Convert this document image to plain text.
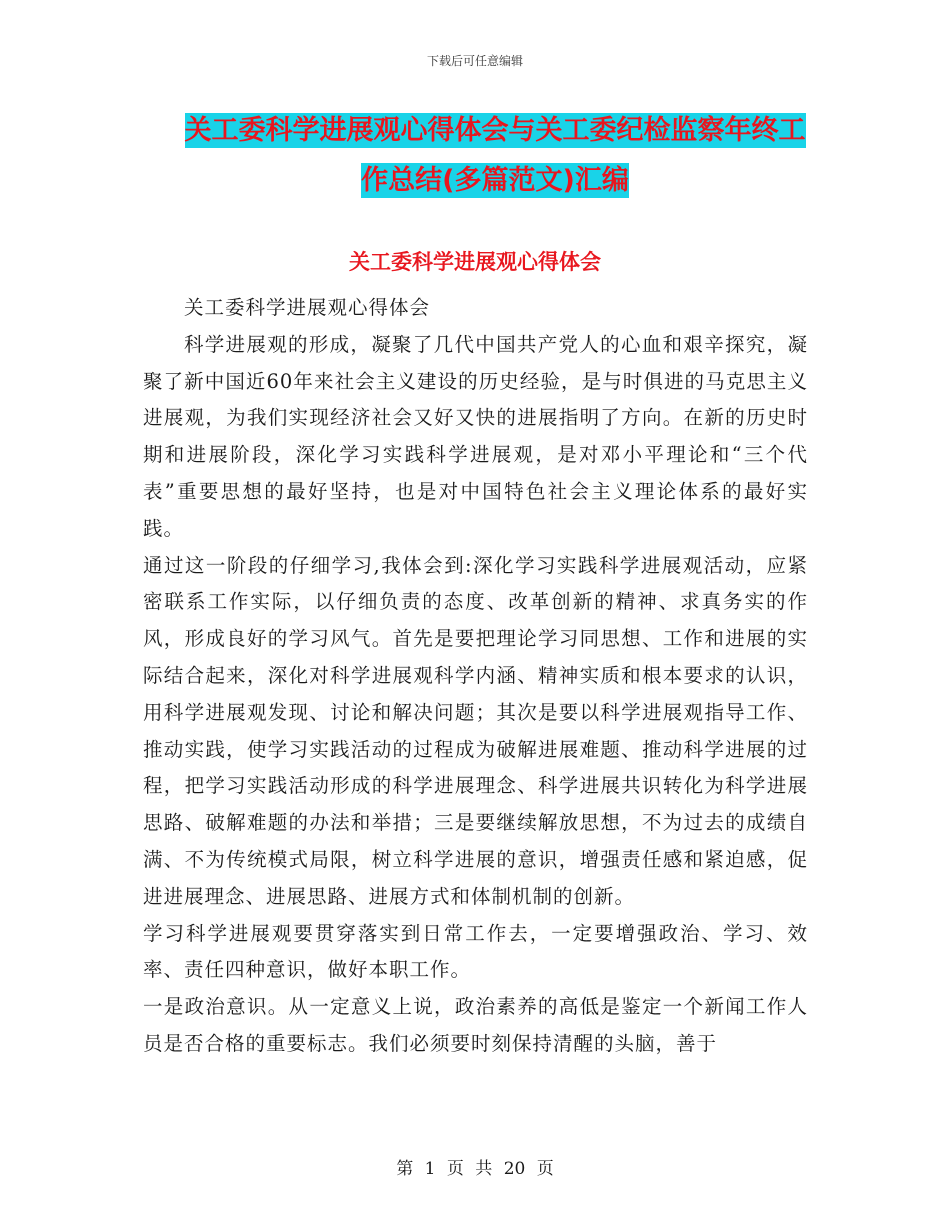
下载后可任意编辑
关工委科学进展观心得体会与关工委纪检监察年终工
作总结(多篇范文)汇编
关工委科学进展观心得体会

关工委科学进展观心得体会

科学进展观的形成，凝聚了几代中国共产党人的心血和艰辛探究，凝聚了新中国近60年来社会主义建设的历史经验，是与时俱进的马克思主义进展观，为我们实现经济社会又好又快的进展指明了方向。在新的历史时期和进展阶段，深化学习实践科学进展观，是对邓小平理论和“三个代表”重要思想的最好坚持，也是对中国特色社会主义理论体系的最好实践。

通过这一阶段的仔细学习,我体会到:深化学习实践科学进展观活动，应紧密联系工作实际，以仔细负责的态度、改革创新的精神、求真务实的作风，形成良好的学习风气。首先是要把理论学习同思想、工作和进展的实际结合起来，深化对科学进展观科学内涵、精神实质和根本要求的认识，用科学进展观发现、讨论和解决问题；其次是要以科学进展观指导工作、推动实践，使学习实践活动的过程成为破解进展难题、推动科学进展的过程，把学习实践活动形成的科学进展理念、科学进展共识转化为科学进展思路、破解难题的办法和举措；三是要继续解放思想，不为过去的成绩自满、不为传统模式局限，树立科学进展的意识，增强责任感和紧迫感，促进进展理念、进展思路、进展方式和体制机制的创新。

学习科学进展观要贯穿落实到日常工作去，一定要增强政治、学习、效率、责任四种意识，做好本职工作。

一是政治意识。从一定意义上说，政治素养的高低是鉴定一个新闻工作人员是否合格的重要标志。我们必须要时刻保持清醒的头脑，善于

第 1 页 共 20 页
